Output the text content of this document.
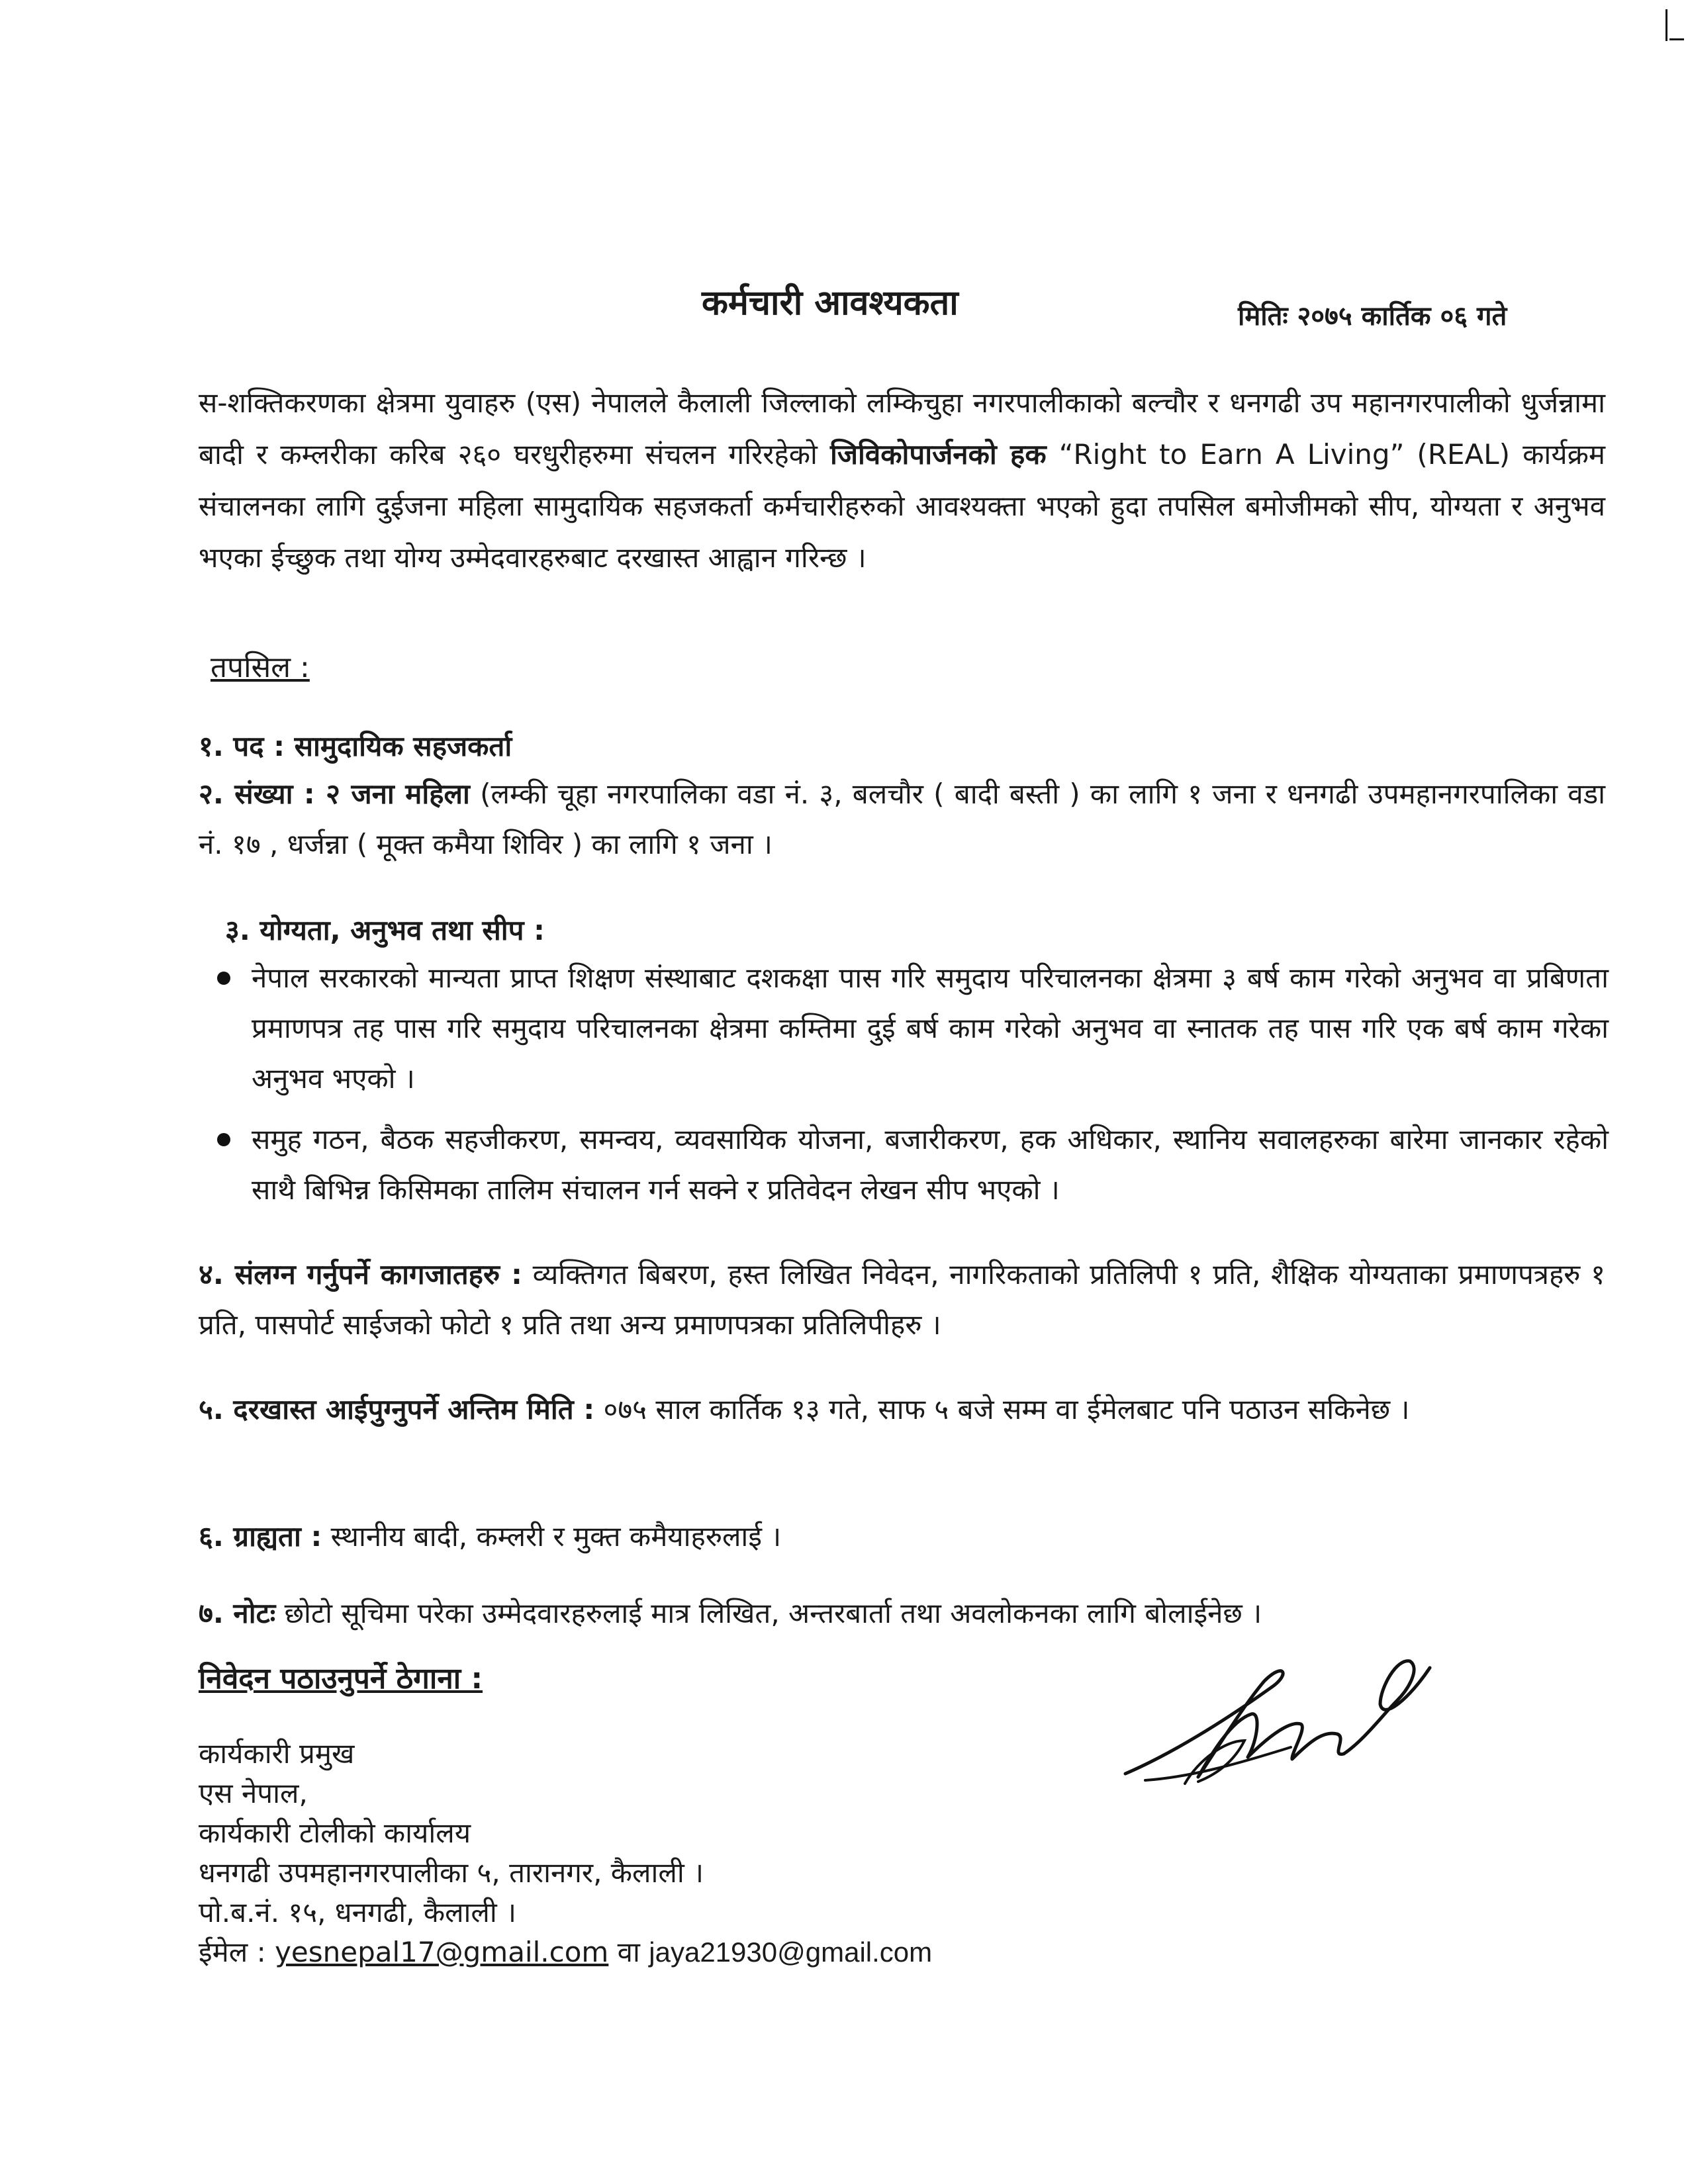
कर्मचारी आवश्यकता	मितिः २०७५ कार्तिक ०६ गते
स-शक्तिकरणका क्षेत्रमा युवाहरु (एस) नेपालले कैलाली जिल्लाको लम्किचुहा नगरपालीकाको बल्चौर र धनगढी उप महानगरपालीको धुर्जन्नामा बादी र कम्लरीका करिब २६० घरधुरीहरुमा संचलन गरिरहेको जिविकोपार्जनको हक “Right to Earn A Living” (REAL) कार्यक्रम संचालनका लागि दुईजना महिला सामुदायिक सहजकर्ता कर्मचारीहरुको आवश्यक्ता भएको हुदा तपसिल बमोजीमको सीप, योग्यता र अनुभव भएका ईच्छुक तथा योग्य उम्मेदवारहरुबाट दरखास्त आह्वान गरिन्छ ।
तपसिल :
१. पद : सामुदायिक सहजकर्ता
२. संख्या : २ जना महिला (लम्की चूहा नगरपालिका वडा नं. ३, बलचौर ( बादी बस्ती ) का लागि १ जना र धनगढी उपमहानगरपालिका वडा नं. १७ , धर्जन्ना ( मूक्त कमैया शिविर ) का लागि १ जना ।
३. योग्यता, अनुभव तथा सीप :
नेपाल सरकारको मान्यता प्राप्त शिक्षण संस्थाबाट दशकक्षा पास गरि समुदाय परिचालनका क्षेत्रमा ३ बर्ष काम गरेको अनुभव वा प्रबिणता प्रमाणपत्र तह पास गरि समुदाय परिचालनका क्षेत्रमा कम्तिमा दुई बर्ष काम गरेको अनुभव वा स्नातक तह पास गरि एक बर्ष काम गरेका अनुभव भएको ।
समुह गठन, बैठक सहजीकरण, समन्वय, व्यवसायिक योजना, बजारीकरण, हक अधिकार, स्थानिय सवालहरुका बारेमा जानकार रहेको साथै बिभिन्न किसिमका तालिम संचालन गर्न सक्ने र प्रतिवेदन लेखन सीप भएको ।
४. संलग्न गर्नुपर्ने कागजातहरु : व्यक्तिगत बिबरण, हस्त लिखित निवेदन, नागरिकताको प्रतिलिपी १ प्रति, शैक्षिक योग्यताका प्रमाणपत्रहरु १ प्रति, पासपोर्ट साईजको फोटो १ प्रति तथा अन्य प्रमाणपत्रका प्रतिलिपीहरु ।
५. दरखास्त आईपुग्नुपर्ने अन्तिम मिति : ०७५ साल कार्तिक १३ गते, साफ ५ बजे सम्म वा ईमेलबाट पनि पठाउन सकिनेछ ।
६. ग्राह्यता : स्थानीय बादी, कम्लरी र मुक्त कमैयाहरुलाई ।
७. नोटः छोटो सूचिमा परेका उम्मेदवारहरुलाई मात्र लिखित, अन्तरबार्ता तथा अवलोकनका लागि बोलाईनेछ ।
निवेदन पठाउनुपर्ने ठेगाना :
कार्यकारी प्रमुख
एस नेपाल,
कार्यकारी टोलीको कार्यालय
धनगढी उपमहानगरपालीका ५, तारानगर, कैलाली ।
पो.ब.नं. १५, धनगढी, कैलाली ।
ईमेल : yesnepal17@gmail.com वा jaya21930@gmail.com
